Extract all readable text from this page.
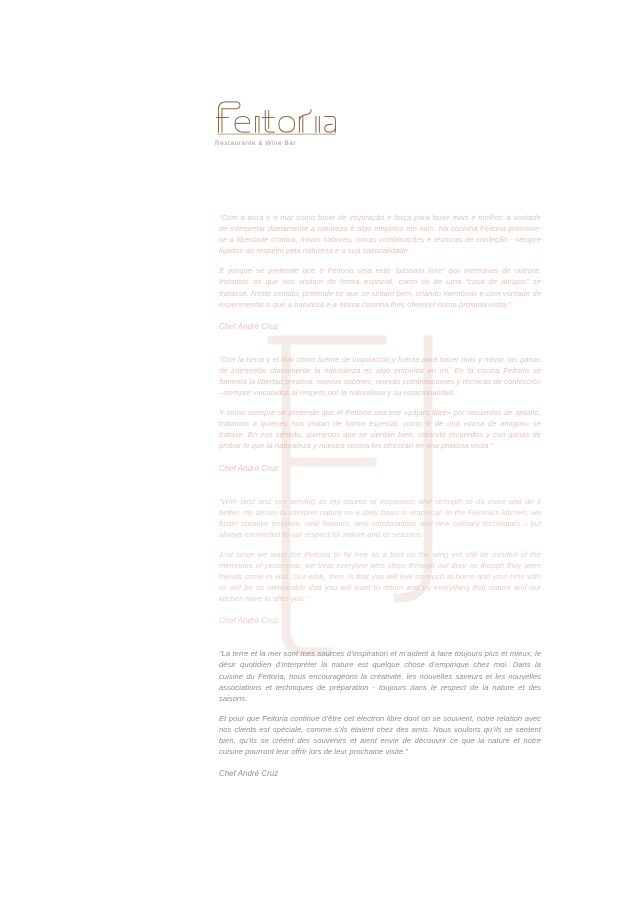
Restaurante & Wine Bar

“Com a terra e o mar como fonte de inspiração e força para fazer mais e melhor, a vontade de interpretar diariamente a natureza é algo empírico em mim. Na cozinha Feitoria promove-se a liberdade criativa, novos sabores, novas combinações e técnicas de confeção - sempre ligados ao respeito pela natureza e a sua sazonalidade.

E porque se pretende que o Feitoria seja este “pássaro livre” por memórias de outrora, tratamos os que nos visitam de forma especial, como se de uma “casa de amigos” se tratasse. Neste sentido, pretende-se que se sintam bem, criando memórias e com vontade de experimentar o que a natureza e a nossa cozinha lhes oferecer numa próxima visita.”

Chef André Cruz

“Con la tierra y el mar como fuente de inspiración y fuerza para hacer más y mejor, las ganas de interpretar diariamente la naturaleza es algo empírico en mí. En la cocina Feitoria se fomenta la libertad creativa, nuevos sabores, nuevas combinaciones y técnicas de confección –siempre vinculados al respeto por la naturaleza y su estacionalidad.

Y como siempre se pretende que el Feitoria sea ese «pájaro libre» por recuerdos de antaño, tratamos a quienes nos visitan de forma especial, como si de una «casa de amigos» se tratase. En ese sentido, queremos que se sientan bien, creando recuerdos y con ganas de probar lo que la naturaleza y nuestra cocina les ofrezcan en una próxima visita.”

Chef André Cruz

“With land and sea serving as my source of inspiration and strength to do more and do it better, my desire to interpret nature on a daily basis is empirical. In the Feitoria’s kitchen, we foster creative freedom, new flavours, new combinations and new culinary techniques – but always connected to our respect for nature and its seasons.

And since we want the Feitoria to fly free as a bird on the wing yet still be mindful of the memories of yesteryear, we treat everyone who steps through our door as though they were friends come to visit. Our wish, then, is that you will feel so much at home and your time with us will be so memorable that you will want to return and try everything that nature and our kitchen have to offer you.”

Chef André Cruz

“La terre et la mer sont mes sources d’inspiration et m’aident à faire toujours plus et mieux; le désir quotidien d’interpréter la nature est quelque chose d’empirique chez moi. Dans la cuisine du Feitoria, nous encourageons la créativité, les nouvelles saveurs et les nouvelles associations et techniques de préparation - toujours dans le respect de la nature et des saisons.

Et pour que Feitoria continue d’être cet électron libre dont on se souvient, notre relation avec nos clients est spéciale, comme s’ils étaient chez des amis. Nous voulons qu’ils se sentent bien, qu’ils se créent des souvenirs et aient envie de découvrir ce que la nature et notre cuisine pourront leur offrir lors de leur prochaine visite.”

Chef André Cruz
